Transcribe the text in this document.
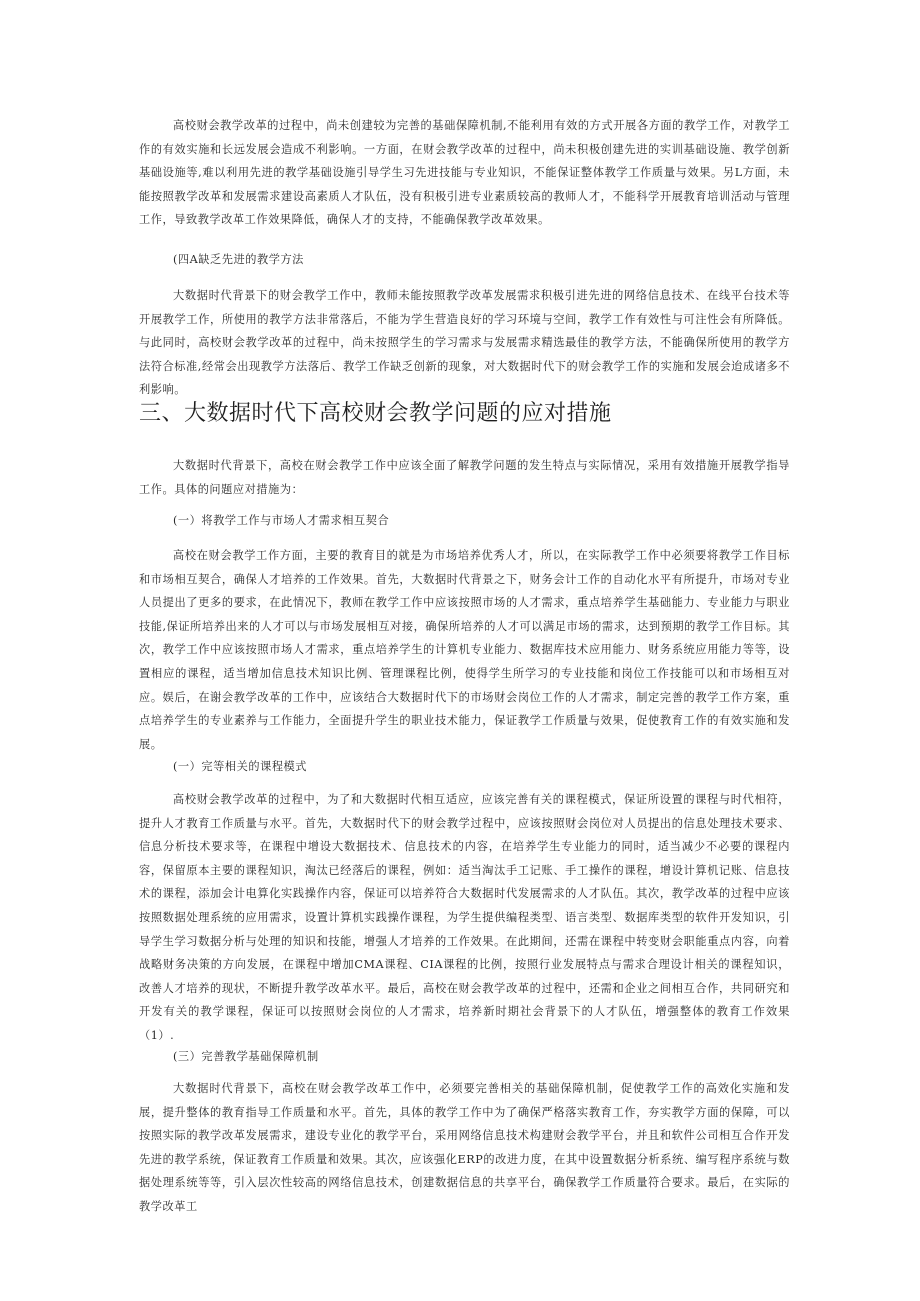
高校财会教学改革的过程中，尚未创建较为完善的基础保障机制,不能利用有效的方式开展各方面的教学工作，对教学工作的有效实施和长远发展会造成不利影响。一方面，在财会教学改革的过程中，尚未积极创建先进的实训基础设施、教学创新基础设施等,难以利用先进的教学基础设施引导学生习先进技能与专业知识，不能保证整体教学工作质量与效果。另L方面，未能按照教学改革和发展需求建设高素质人才队伍，没有积极引进专业素质较高的教师人才，不能科学开展教育培训活动与管理工作，导致教学改革工作效果降低，确保人才的支持，不能确保教学改革效果。

(四A缺乏先进的教学方法

大数据时代背景下的财会教学工作中，教师未能按照教学改革发展需求积极引进先进的网络信息技术、在线平台技术等开展教学工作，所使用的教学方法非常落后，不能为学生营造良好的学习环境与空间，教学工作有效性与可注性会有所降低。与此同时，高校财会教学改革的过程中，尚未按照学生的学习需求与发展需求精选最佳的教学方法，不能确保所使用的教学方法符合标准,经常会出现教学方法落后、教学工作缺乏创新的现象，对大数据时代下的财会教学工作的实施和发展会迨成诸多不利影响。

三、大数据时代下高校财会教学问题的应对措施

大数据时代背景下，高校在财会教学工作中应该全面了解教学问题的发生特点与实际情况，采用有效措施开展教学指导工作。具体的问题应对措施为：

(一）将教学工作与市场人才需求相互契合

高校在财会教学工作方面，主要的教育目的就是为市场培养优秀人才，所以，在实际教学工作中必须要将教学工作目标和市场相互契合，确保人才培养的工作效果。首先，大数据时代背景之下，财务会计工作的自动化水平有所提升，市场对专业人员提出了更多的要求，在此情况下，教师在教学工作中应该按照市场的人才需求，重点培养学生基础能力、专业能力与职业技能,保证所培养出来的人才可以与市场发展相互对接，确保所培养的人才可以满足市场的需求，达到预期的教学工作目标。其次，教学工作中应该按照市场人才需求，重点培养学生的计算机专业能力、数据库技术应用能力、财务系统应用能力等等，设置相应的课程，适当增加信息技术知识比例、管理课程比例，使得学生所学习的专业技能和岗位工作技能可以和市场相互对应。娱后，在谢会教学改革的工作中，应该结合大数据时代下的市场财会岗位工作的人才需求，制定完善的教学工作方案，重点培养学生的专业素养与工作能力，全面提升学生的职业技术能力，保证教学工作质量与效果，促使教育工作的有效实施和发展。

(一）完等相关的课程模式

高校财会教学改革的过程中，为了和大数据时代相互适应，应该完善有关的课程模式，保证所设置的课程与时代相符，提升人才教育工作质量与水平。首先，大数据时代下的财会教学过程中，应该按照财会岗位对人员提出的信息处理技术要求、信息分析技术要求等，在课程中增设大数据技术、信息技术的内容，在培养学生专业能力的同时，适当减少不必要的课程内容，保留原本主要的课程知识，淘汰已经落后的课程，例如：适当淘汰手工记账、手工操作的课程，增设计算机记账、信息技术的课程，添加会计电算化实践操作内容，保证可以培养符合大数据时代发展需求的人才队伍。其次，教学改革的过程中应该按照数据处理系统的应用需求，设置计算机实践操作课程，为学生提供编程类型、语言类型、数据库类型的软件开发知识，引导学生学习数据分析与处理的知识和技能，增强人才培养的工作效果。在此期间，还需在课程中转变财会职能重点内容，向着战略财务决策的方向发展，在课程中增加CMA课程、CIA课程的比例，按照行业发展特点与需求合理设计相关的课程知识，改善人才培养的现状，不断提升教学改革水平。最后，高校在财会教学改革的过程中，还需和企业之间相互合作，共同研究和开发有关的教学课程，保证可以按照财会岗位的人才需求，培养新时期社会背景下的人才队伍，增强整体的教育工作效果（1）.

(三）完善教学基础保障机制

大数据时代背景下，高校在财会教学改革工作中，必须要完善相关的基础保障机制，促使教学工作的高效化实施和发展，提升整体的教育指导工作质量和水平。首先，具体的教学工作中为了确保严格落实教育工作，夯实教学方面的保障，可以按照实际的教学改革发展需求，建设专业化的教学平台，采用网络信息技术构建财会教学平台，并且和软件公司相互合作开发先进的教学系统，保证教育工作质量和效果。其次，应该强化ERP的改进力度，在其中设置数据分析系统、编写程序系统与数据处理系统等等，引入层次性较高的网络信息技术，创建数据信息的共享平台，确保教学工作质量符合要求。最后，在实际的教学改革工
